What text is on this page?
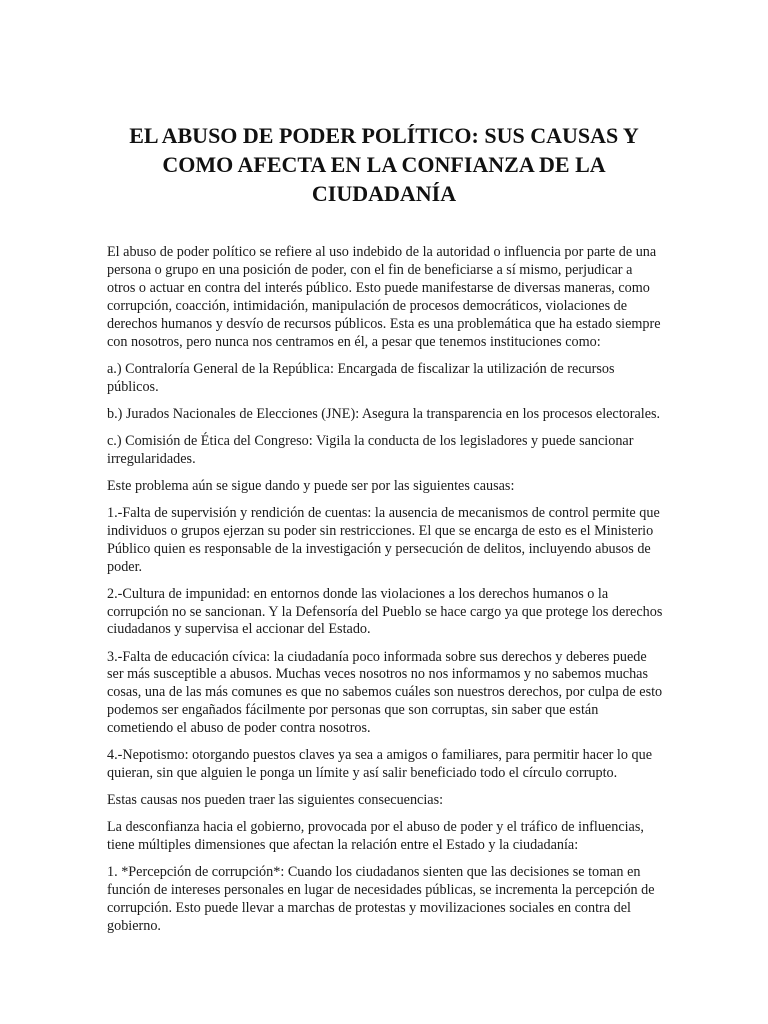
EL ABUSO DE PODER POLÍTICO: SUS CAUSAS Y
COMO AFECTA EN LA CONFIANZA DE LA
CIUDADANÍA

El abuso de poder político se refiere al uso indebido de la autoridad o influencia por parte de una persona o grupo en una posición de poder, con el fin de beneficiarse a sí mismo, perjudicar a otros o actuar en contra del interés público. Esto puede manifestarse de diversas maneras, como corrupción, coacción, intimidación, manipulación de procesos democráticos, violaciones de derechos humanos y desvío de recursos públicos. Esta es una problemática que ha estado siempre con nosotros, pero nunca nos centramos en él, a pesar que tenemos instituciones como:

a.) Contraloría General de la República: Encargada de fiscalizar la utilización de recursos públicos.

b.) Jurados Nacionales de Elecciones (JNE): Asegura la transparencia en los procesos electorales.

c.) Comisión de Ética del Congreso: Vigila la conducta de los legisladores y puede sancionar irregularidades.

Este problema aún se sigue dando y puede ser por las siguientes causas:

1.-Falta de supervisión y rendición de cuentas: la ausencia de mecanismos de control permite que individuos o grupos ejerzan su poder sin restricciones. El que se encarga de esto es el Ministerio Público quien es responsable de la investigación y persecución de delitos, incluyendo abusos de poder.

2.-Cultura de impunidad: en entornos donde las violaciones a los derechos humanos o la corrupción no se sancionan. Y la Defensoría del Pueblo se hace cargo ya que protege los derechos ciudadanos y supervisa el accionar del Estado.

3.-Falta de educación cívica: la ciudadanía poco informada sobre sus derechos y deberes puede ser más susceptible a abusos. Muchas veces nosotros no nos informamos y no sabemos muchas cosas, una de las más comunes es que no sabemos cuáles son nuestros derechos, por culpa de esto podemos ser engañados fácilmente por personas que son corruptas, sin saber que están cometiendo el abuso de poder contra nosotros.

4.-Nepotismo: otorgando puestos claves ya sea a amigos o familiares, para permitir hacer lo que quieran, sin que alguien le ponga un límite y así salir beneficiado todo el círculo corrupto.

Estas causas nos pueden traer las siguientes consecuencias:

La desconfianza hacia el gobierno, provocada por el abuso de poder y el tráfico de influencias, tiene múltiples dimensiones que afectan la relación entre el Estado y la ciudadanía:

1. *Percepción de corrupción*: Cuando los ciudadanos sienten que las decisiones se toman en función de intereses personales en lugar de necesidades públicas, se incrementa la percepción de corrupción. Esto puede llevar a marchas de protestas y movilizaciones sociales en contra del gobierno.
